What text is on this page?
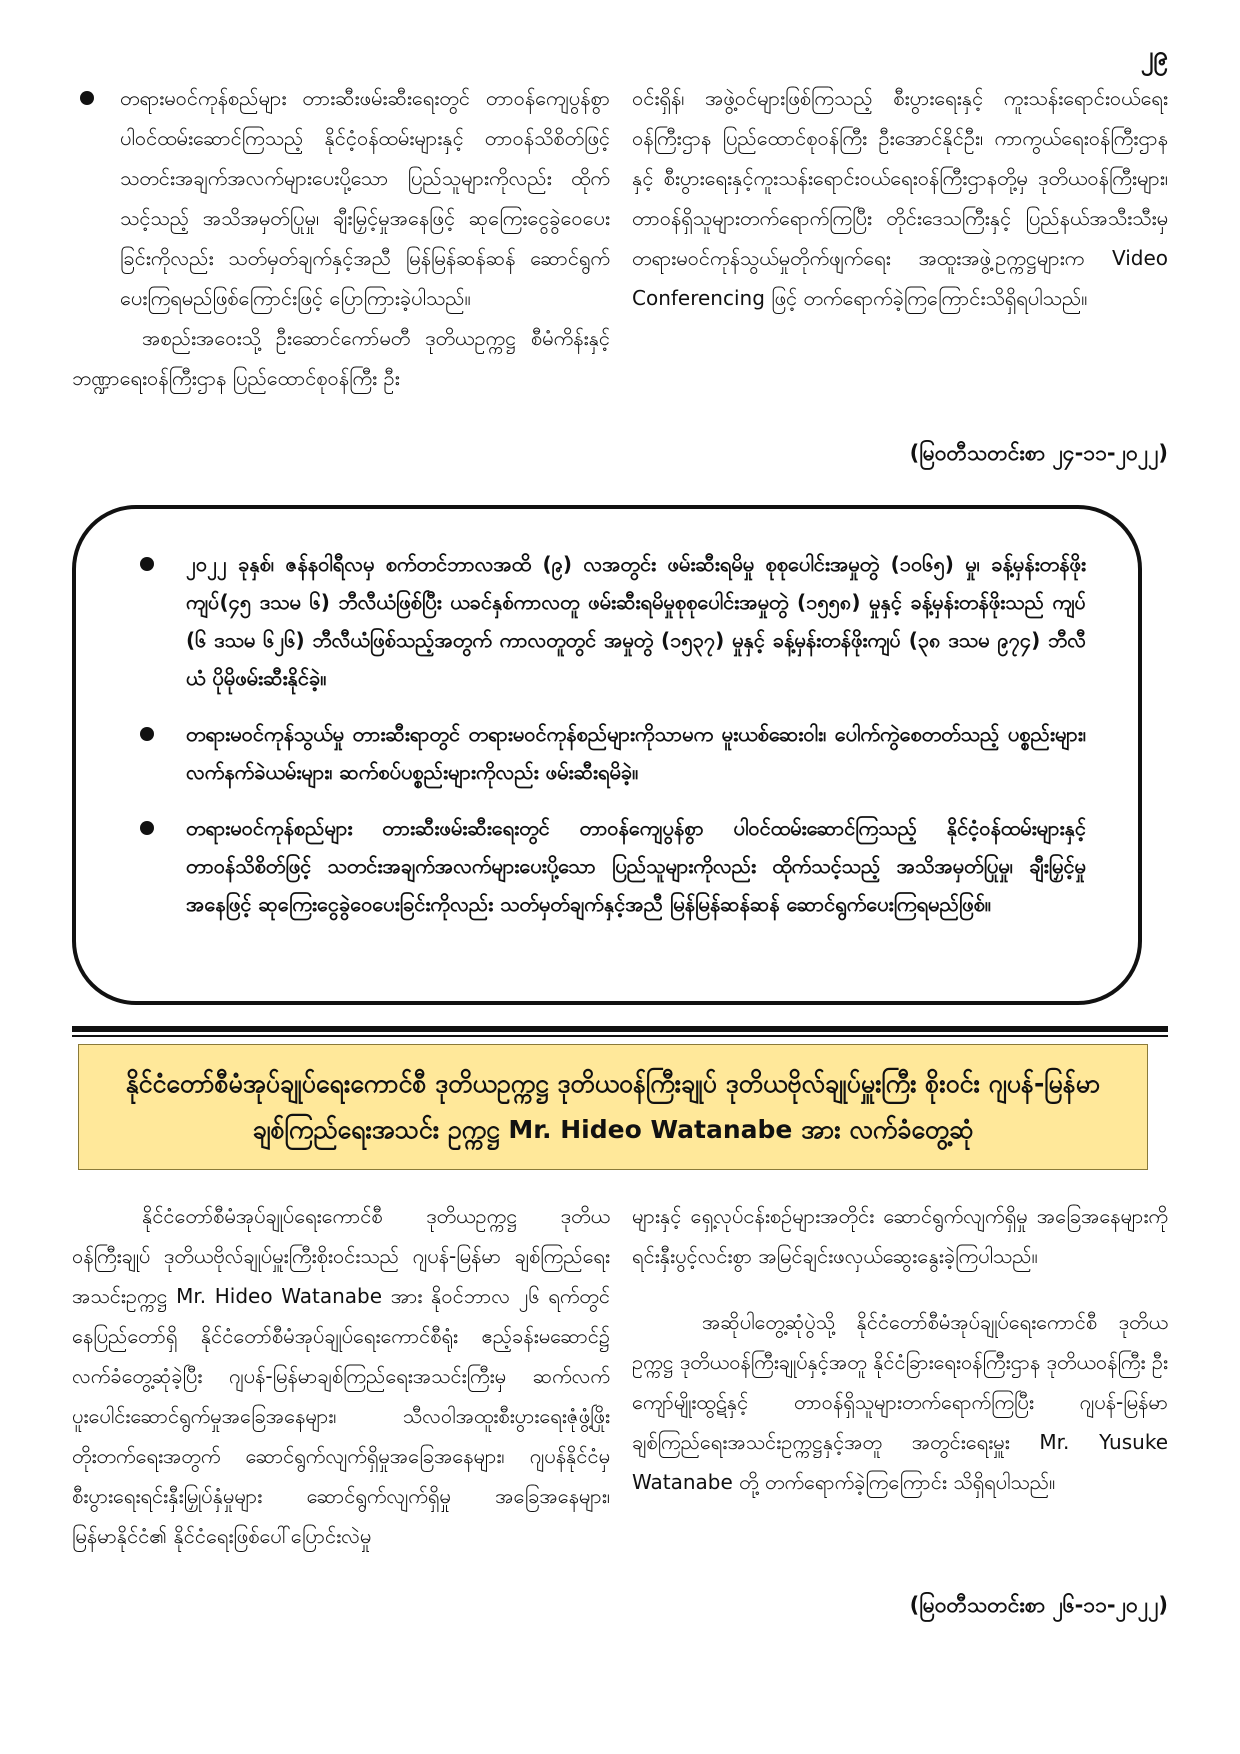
၂၉
တရားမဝင်ကုန်စည်များ တားဆီးဖမ်းဆီးရေးတွင် တာဝန်ကျေပွန်စွာ ပါဝင်ထမ်းဆောင်ကြသည့် နိုင်ငံ့ဝန်ထမ်းများနှင့် တာဝန်သိစိတ်ဖြင့် သတင်းအချက်အလက်များပေးပို့သော ပြည်သူများကိုလည်း ထိုက်သင့်သည့် အသိအမှတ်ပြုမှု၊ ချီးမြှင့်မှုအနေဖြင့် ဆုကြေးငွေခွဲဝေပေးခြင်းကိုလည်း သတ်မှတ်ချက်နှင့်အညီ မြန်မြန်ဆန်ဆန် ဆောင်ရွက်ပေးကြရမည်ဖြစ်ကြောင်းဖြင့် ပြောကြားခဲ့ပါသည်။

အစည်းအဝေးသို့ ဦးဆောင်ကော်မတီ ဒုတိယဥက္ကဋ္ဌ စီမံကိန်းနှင့်ဘဏ္ဍာရေးဝန်ကြီးဌာန ပြည်ထောင်စုဝန်ကြီး ဦး

ဝင်းရှိန်၊ အဖွဲ့ဝင်များဖြစ်ကြသည့် စီးပွားရေးနှင့် ကူးသန်းရောင်းဝယ်ရေးဝန်ကြီးဌာန ပြည်ထောင်စုဝန်ကြီး ဦးအောင်နိုင်ဦး၊ ကာကွယ်ရေးဝန်ကြီးဌာနနှင့် စီးပွားရေးနှင့်ကူးသန်းရောင်းဝယ်ရေးဝန်ကြီးဌာနတို့မှ ဒုတိယဝန်ကြီးများ၊ တာဝန်ရှိသူများတက်ရောက်ကြပြီး တိုင်းဒေသကြီးနှင့် ပြည်နယ်အသီးသီးမှ တရားမဝင်ကုန်သွယ်မှုတိုက်ဖျက်ရေး အထူးအဖွဲ့ဥက္ကဋ္ဌများက Video Conferencing ဖြင့် တက်ရောက်ခဲ့ကြကြောင်းသိရှိရပါသည်။

(မြဝတီသတင်းစာ ၂၄-၁၁-၂၀၂၂)

၂၀၂၂ ခုနှစ်၊ ဇန်နဝါရီလမှ စက်တင်ဘာလအထိ (၉) လအတွင်း ဖမ်းဆီးရမိမှု စုစုပေါင်းအမှုတွဲ (၁၀၆၅) မှု၊ ခန့်မှန်းတန်ဖိုးကျပ်(၄၅ ဒသမ ၆) ဘီလီယံဖြစ်ပြီး ယခင်နှစ်ကာလတူ ဖမ်းဆီးရမိမှုစုစုပေါင်းအမှုတွဲ (၁၅၅၈) မှုနှင့် ခန့်မှန်းတန်ဖိုးသည် ကျပ် (၆ ဒသမ ၆၂၆) ဘီလီယံဖြစ်သည့်အတွက် ကာလတူတွင် အမှုတွဲ (၁၅၃၇) မှုနှင့် ခန့်မှန်းတန်ဖိုးကျပ် (၃၈ ဒသမ ၉၇၄) ဘီလီယံ ပိုမိုဖမ်းဆီးနိုင်ခဲ့။
တရားမဝင်ကုန်သွယ်မှု တားဆီးရာတွင် တရားမဝင်ကုန်စည်များကိုသာမက မူးယစ်ဆေးဝါး၊ ပေါက်ကွဲစေတတ်သည့် ပစ္စည်းများ၊ လက်နက်ခဲယမ်းများ၊ ဆက်စပ်ပစ္စည်းများကိုလည်း ဖမ်းဆီးရမိခဲ့။
တရားမဝင်ကုန်စည်များ တားဆီးဖမ်းဆီးရေးတွင် တာဝန်ကျေပွန်စွာ ပါဝင်ထမ်းဆောင်ကြသည့် နိုင်ငံ့ဝန်ထမ်းများနှင့် တာဝန်သိစိတ်ဖြင့် သတင်းအချက်အလက်များပေးပို့သော ပြည်သူများကိုလည်း ထိုက်သင့်သည့် အသိအမှတ်ပြုမှု၊ ချီးမြှင့်မှုအနေဖြင့် ဆုကြေးငွေခွဲဝေပေးခြင်းကိုလည်း သတ်မှတ်ချက်နှင့်အညီ မြန်မြန်ဆန်ဆန် ဆောင်ရွက်ပေးကြရမည်ဖြစ်။
နိုင်ငံတော်စီမံအုပ်ချုပ်ရေးကောင်စီ ဒုတိယဥက္ကဋ္ဌ ဒုတိယဝန်ကြီးချုပ် ဒုတိယဗိုလ်ချုပ်မှူးကြီး စိုးဝင်း ဂျပန်-မြန်မာချစ်ကြည်ရေးအသင်း ဥက္ကဋ္ဌ Mr. Hideo Watanabe အား လက်ခံတွေ့ဆုံ

နိုင်ငံတော်စီမံအုပ်ချုပ်ရေးကောင်စီ ဒုတိယဥက္ကဋ္ဌ ဒုတိယဝန်ကြီးချုပ် ဒုတိယဗိုလ်ချုပ်မှူးကြီးစိုးဝင်းသည် ဂျပန်-မြန်မာ ချစ်ကြည်ရေးအသင်းဥက္ကဋ္ဌ Mr. Hideo Watanabe အား နိုဝင်ဘာလ ၂၆ ရက်တွင် နေပြည်တော်ရှိ နိုင်ငံတော်စီမံအုပ်ချုပ်ရေးကောင်စီရုံး ဧည့်ခန်းမဆောင်၌ လက်ခံတွေ့ဆုံခဲ့ပြီး ဂျပန်-မြန်မာချစ်ကြည်ရေးအသင်းကြီးမှ ဆက်လက်ပူးပေါင်းဆောင်ရွက်မှုအခြေအနေများ၊ သီလဝါအထူးစီးပွားရေးဇုံဖွံ့ဖြိုးတိုးတက်ရေးအတွက် ဆောင်ရွက်လျက်ရှိမှုအခြေအနေများ၊ ဂျပန်နိုင်ငံမှ စီးပွားရေးရင်းနှီးမြှုပ်နှံမှုများ ဆောင်ရွက်လျက်ရှိမှု အခြေအနေများ၊ မြန်မာနိုင်ငံ၏ နိုင်ငံရေးဖြစ်ပေါ်ပြောင်းလဲမှု

များနှင့် ရှေ့လုပ်ငန်းစဉ်များအတိုင်း ဆောင်ရွက်လျက်ရှိမှု အခြေအနေများကို ရင်းနှီးပွင့်လင်းစွာ အမြင်ချင်းဖလှယ်ဆွေးနွေးခဲ့ကြပါသည်။

အဆိုပါတွေ့ဆုံပွဲသို့ နိုင်ငံတော်စီမံအုပ်ချုပ်ရေးကောင်စီ ဒုတိယဥက္ကဋ္ဌ ဒုတိယဝန်ကြီးချုပ်နှင့်အတူ နိုင်ငံခြားရေးဝန်ကြီးဌာန ဒုတိယဝန်ကြီး ဦးကျော်မျိုးထွဋ်နှင့် တာဝန်ရှိသူများတက်ရောက်ကြပြီး ဂျပန်-မြန်မာ ချစ်ကြည်ရေးအသင်းဥက္ကဋ္ဌနှင့်အတူ အတွင်းရေးမှူး Mr. Yusuke Watanabe တို့ တက်ရောက်ခဲ့ကြကြောင်း သိရှိရပါသည်။

(မြဝတီသတင်းစာ ၂၆-၁၁-၂၀၂၂)
